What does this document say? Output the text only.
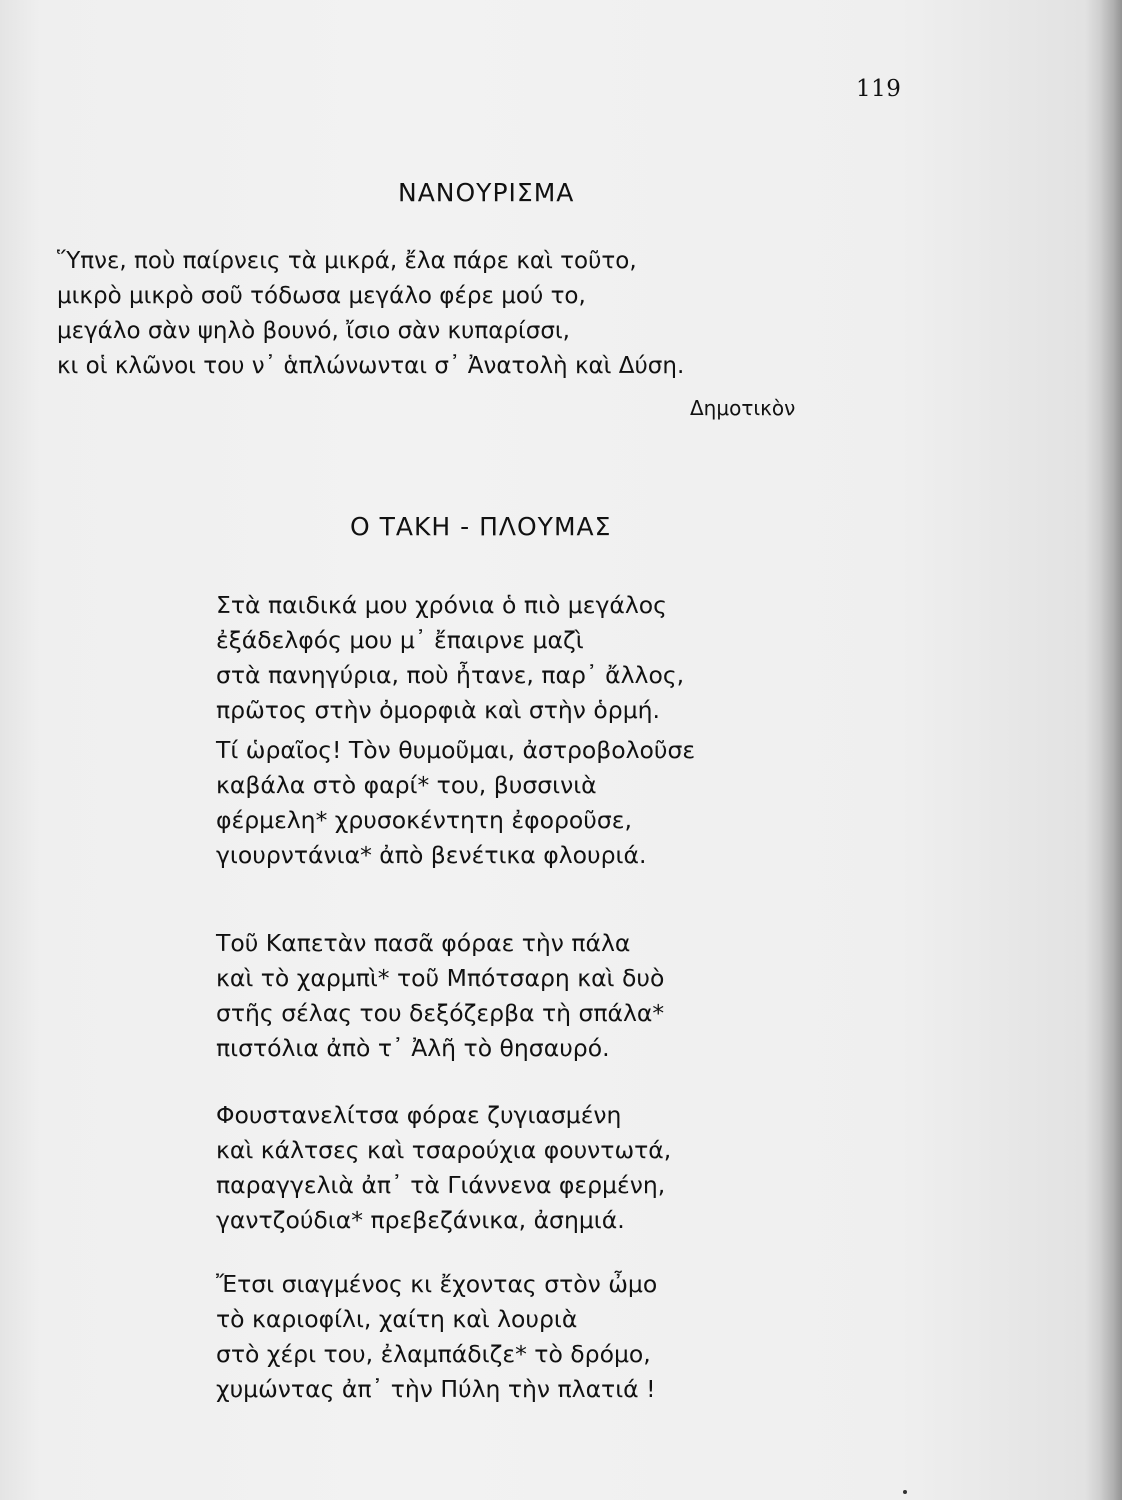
119
ΝΑΝΟΥΡΙΣΜΑ
Ὕπνε, ποὺ παίρνεις τὰ μικρά, ἔλα πάρε καὶ τοῦτο,
μικρὸ μικρὸ σοῦ τόδωσα μεγάλο φέρε μού το,
μεγάλο σὰν ψηλὸ βουνό, ἴσιο σὰν κυπαρίσσι,
κι οἱ κλῶνοι του ν᾿ ἁπλώνωνται σ᾿ Ἀνατολὴ καὶ Δύση.
Δημοτικὸν
Ο ΤΑΚΗ - ΠΛΟΥΜΑΣ
Στὰ παιδικά μου χρόνια ὁ πιὸ μεγάλος
ἐξάδελφός μου μ᾿ ἔπαιρνε μαζὶ
στὰ πανηγύρια, ποὺ ἦτανε, παρ᾿ ἄλλος,
πρῶτος στὴν ὀμορφιὰ καὶ στὴν ὁρμή.
Τί ὡραῖος! Τὸν θυμοῦμαι, ἀστροβολοῦσε
καβάλα στὸ φαρί* του, βυσσινιὰ
φέρμελη* χρυσοκέντητη ἐφοροῦσε,
γιουρντάνια* ἀπὸ βενέτικα φλουριά.
Τοῦ Καπετὰν πασᾶ φόραε τὴν πάλα
καὶ τὸ χαρμπὶ* τοῦ Μπότσαρη καὶ δυὸ
στῆς σέλας του δεξόζερβα τὴ σπάλα*
πιστόλια ἀπὸ τ᾿ Ἀλῆ τὸ θησαυρό.
Φουστανελίτσα φόραε ζυγιασμένη
καὶ κάλτσες καὶ τσαρούχια φουντωτά,
παραγγελιὰ ἀπ᾿ τὰ Γιάννενα φερμένη,
γαντζούδια* πρεβεζάνικα, ἀσημιά.
Ἔτσι σιαγμένος κι ἔχοντας στὸν ὦμο
τὸ καριοφίλι, χαίτη καὶ λουριὰ
στὸ χέρι του, ἐλαμπάδιζε* τὸ δρόμο,
χυμώντας ἀπ᾿ τὴν Πύλη τὴν πλατιά !
